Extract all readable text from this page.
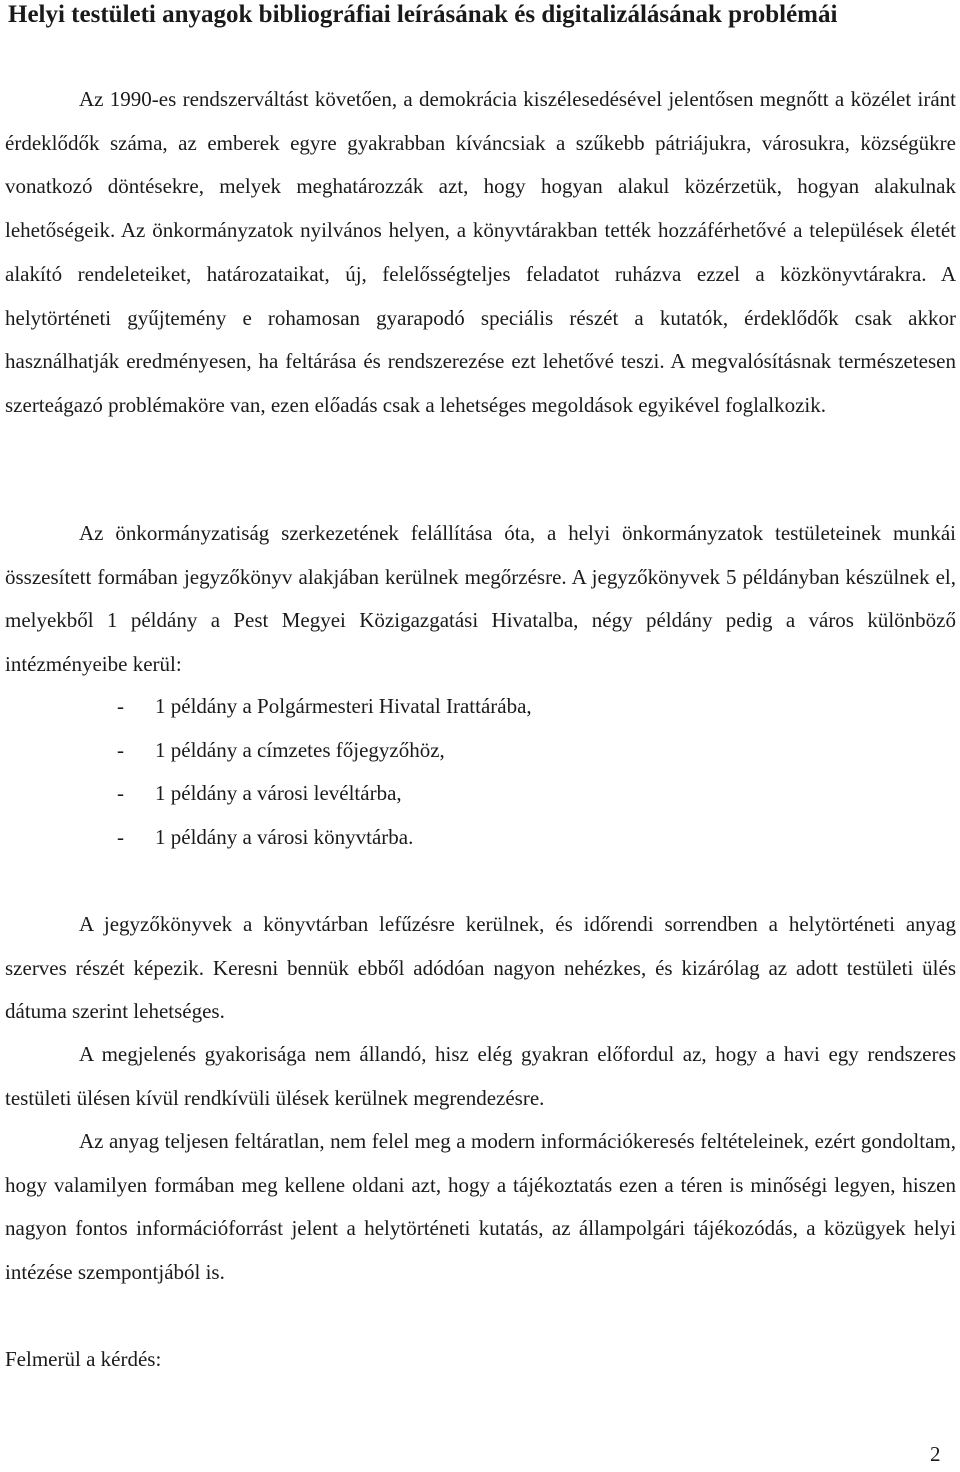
Helyi testületi anyagok bibliográfiai leírásának és digitalizálásának problémái

Az 1990-es rendszerváltást követően, a demokrácia kiszélesedésével jelentősen megnőtt a közélet iránt érdeklődők száma, az emberek egyre gyakrabban kíváncsiak a szűkebb pátriájukra, városukra, községükre vonatkozó döntésekre, melyek meghatározzák azt, hogy hogyan alakul közérzetük, hogyan alakulnak lehetőségeik. Az önkormányzatok nyilvános helyen, a könyvtárakban tették hozzáférhetővé a települések életét alakító rendeleteiket, határozataikat, új, felelősségteljes feladatot ruházva ezzel a közkönyvtárakra. A helytörténeti gyűjtemény e rohamosan gyarapodó speciális részét a kutatók, érdeklődők csak akkor használhatják eredményesen, ha feltárása és rendszerezése ezt lehetővé teszi. A megvalósításnak természetesen szerteágazó problémaköre van, ezen előadás csak a lehetséges megoldások egyikével foglalkozik.

Az önkormányzatiság szerkezetének felállítása óta, a helyi önkormányzatok testületeinek munkái összesített formában jegyzőkönyv alakjában kerülnek megőrzésre. A jegyzőkönyvek 5 példányban készülnek el, melyekből 1 példány a Pest Megyei Közigazgatási Hivatalba, négy példány pedig a város különböző intézményeibe kerül:

- 1 példány a Polgármesteri Hivatal Irattárába,
- 1 példány a címzetes főjegyzőhöz,
- 1 példány a városi levéltárba,
- 1 példány a városi könyvtárba.

A jegyzőkönyvek a könyvtárban lefűzésre kerülnek, és időrendi sorrendben a helytörténeti anyag szerves részét képezik. Keresni bennük ebből adódóan nagyon nehézkes, és kizárólag az adott testületi ülés dátuma szerint lehetséges.

A megjelenés gyakorisága nem állandó, hisz elég gyakran előfordul az, hogy a havi egy rendszeres testületi ülésen kívül rendkívüli ülések kerülnek megrendezésre.

Az anyag teljesen feltáratlan, nem felel meg a modern információkeresés feltételeinek, ezért gondoltam, hogy valamilyen formában meg kellene oldani azt, hogy a tájékoztatás ezen a téren is minőségi legyen, hiszen nagyon fontos információforrást jelent a helytörténeti kutatás, az állampolgári tájékozódás, a közügyek helyi intézése szempontjából is.

Felmerül a kérdés:

2
